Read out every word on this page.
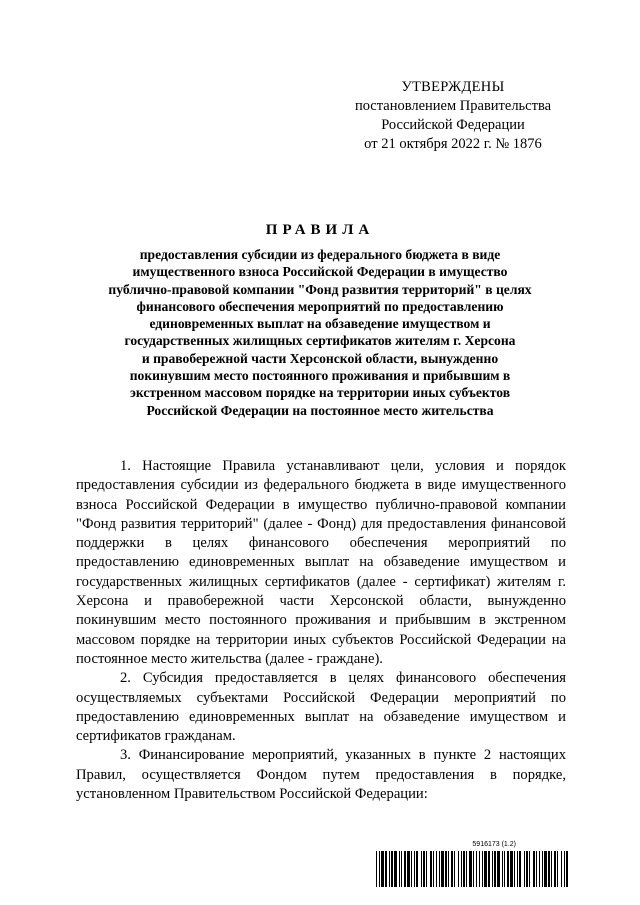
УТВЕРЖДЕНЫ
постановлением Правительства
Российской Федерации
от 21 октября 2022 г. № 1876
ПРАВИЛА
предоставления субсидии из федерального бюджета в виде
имущественного взноса Российской Федерации в имущество
публично-правовой компании "Фонд развития территорий" в целях
финансового обеспечения мероприятий по предоставлению
единовременных выплат на обзаведение имуществом и
государственных жилищных сертификатов жителям г. Херсона
и правобережной части Херсонской области, вынужденно
покинувшим место постоянного проживания и прибывшим в
экстренном массовом порядке на территории иных субъектов
Российской Федерации на постоянное место жительства

1. Настоящие Правила устанавливают цели, условия и порядок предоставления субсидии из федерального бюджета в виде имущественного взноса Российской Федерации в имущество публично-правовой компании "Фонд развития территорий" (далее - Фонд) для предоставления финансовой поддержки в целях финансового обеспечения мероприятий по предоставлению единовременных выплат на обзаведение имуществом и государственных жилищных сертификатов (далее - сертификат) жителям г. Херсона и правобережной части Херсонской области, вынужденно покинувшим место постоянного проживания и прибывшим в экстренном массовом порядке на территории иных субъектов Российской Федерации на постоянное место жительства (далее - граждане).

2. Субсидия предоставляется в целях финансового обеспечения осуществляемых субъектами Российской Федерации мероприятий по предоставлению единовременных выплат на обзаведение имуществом и сертификатов гражданам.

3. Финансирование мероприятий, указанных в пункте 2 настоящих Правил, осуществляется Фондом путем предоставления в порядке, установленном Правительством Российской Федерации:

5916173 (1.2)
